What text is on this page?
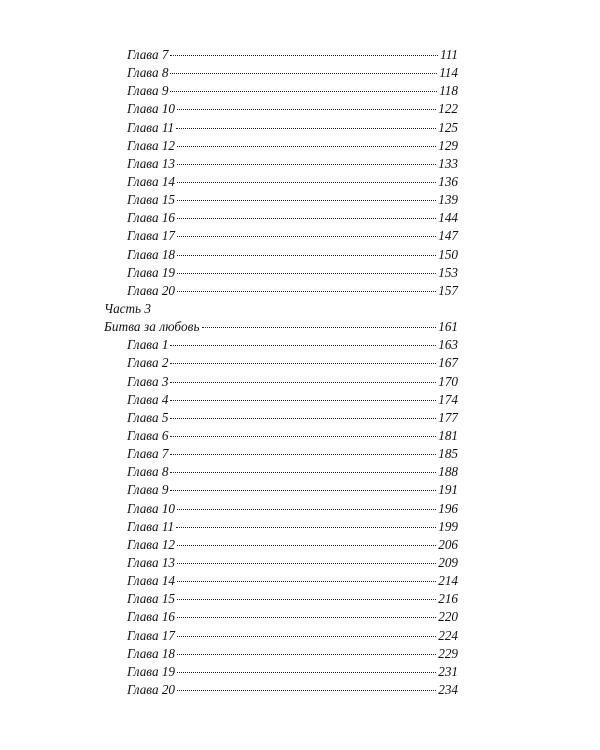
Глава 7	111
Глава 8	114
Глава 9	118
Глава 10	122
Глава 11	125
Глава 12	129
Глава 13	133
Глава 14	136
Глава 15	139
Глава 16	144
Глава 17	147
Глава 18	150
Глава 19	153
Глава 20	157
Часть 3
Битва за любовь	161
Глава 1	163
Глава 2	167
Глава 3	170
Глава 4	174
Глава 5	177
Глава 6	181
Глава 7	185
Глава 8	188
Глава 9	191
Глава 10	196
Глава 11	199
Глава 12	206
Глава 13	209
Глава 14	214
Глава 15	216
Глава 16	220
Глава 17	224
Глава 18	229
Глава 19	231
Глава 20	234
